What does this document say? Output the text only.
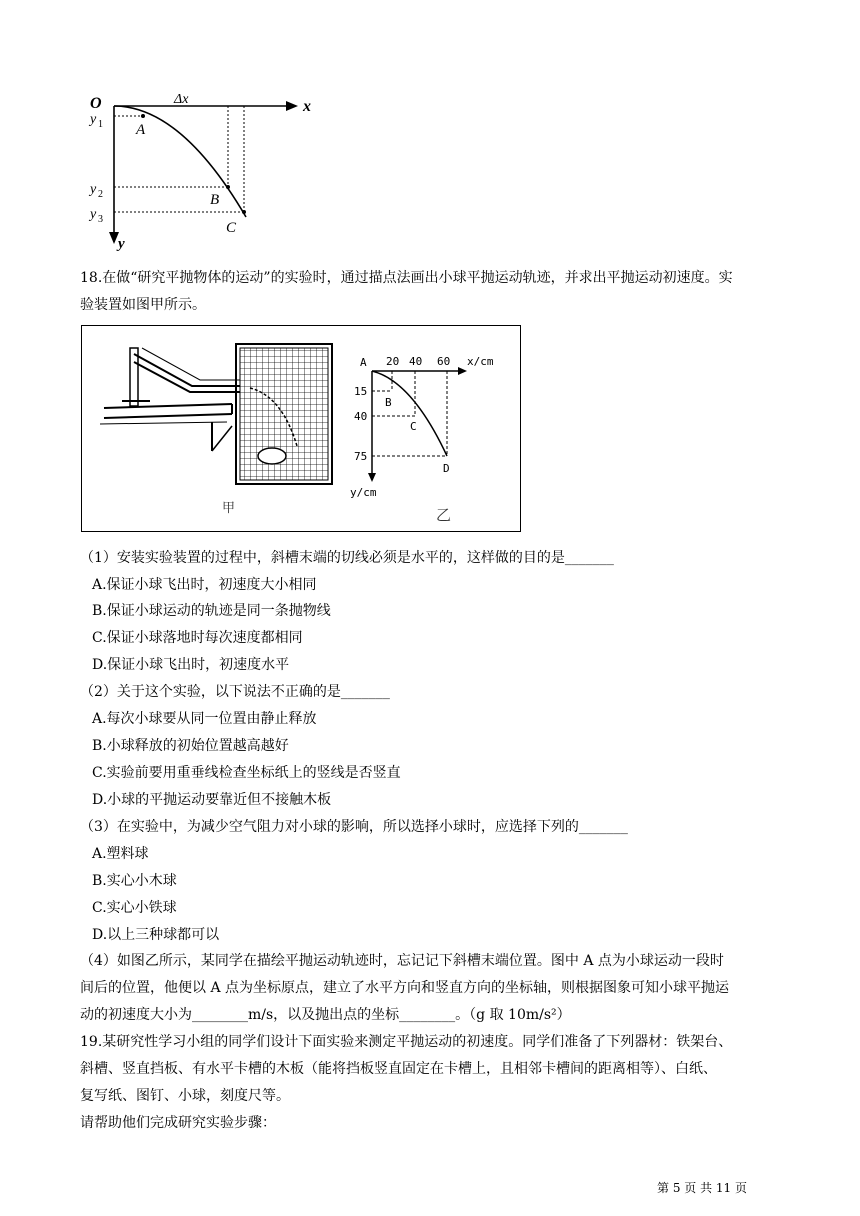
O	Δx	x
y
y 1
y 2
y 3
A
B
C
18.在做“研究平抛物体的运动”的实验时，通过描点法画出小球平抛运动轨迹，并求出平抛运动初速度。实
验装置如图甲所示。
A 20 40 60 x/cm
15
40
75
y/cm
B
C
D
甲	乙
（1）安装实验装置的过程中，斜槽末端的切线必须是水平的，这样做的目的是_______
A.保证小球飞出时，初速度大小相同
B.保证小球运动的轨迹是同一条抛物线
C.保证小球落地时每次速度都相同
D.保证小球飞出时，初速度水平
（2）关于这个实验，以下说法不正确的是_______
A.每次小球要从同一位置由静止释放
B.小球释放的初始位置越高越好
C.实验前要用重垂线检查坐标纸上的竖线是否竖直
D.小球的平抛运动要靠近但不接触木板
（3）在实验中，为减少空气阻力对小球的影响，所以选择小球时，应选择下列的_______
A.塑料球
B.实心小木球
C.实心小铁球
D.以上三种球都可以
（4）如图乙所示，某同学在描绘平抛运动轨迹时，忘记记下斜槽末端位置。图中 A 点为小球运动一段时
间后的位置，他便以 A 点为坐标原点，建立了水平方向和竖直方向的坐标轴，则根据图象可知小球平抛运
动的初速度大小为________m/s，以及抛出点的坐标________。（g 取 10m/s²）
19.某研究性学习小组的同学们设计下面实验来测定平抛运动的初速度。同学们准备了下列器材：铁架台、
斜槽、竖直挡板、有水平卡槽的木板（能将挡板竖直固定在卡槽上，且相邻卡槽间的距离相等）、白纸、
复写纸、图钉、小球，刻度尺等。
请帮助他们完成研究实验步骤：
第 5 页 共 11 页
